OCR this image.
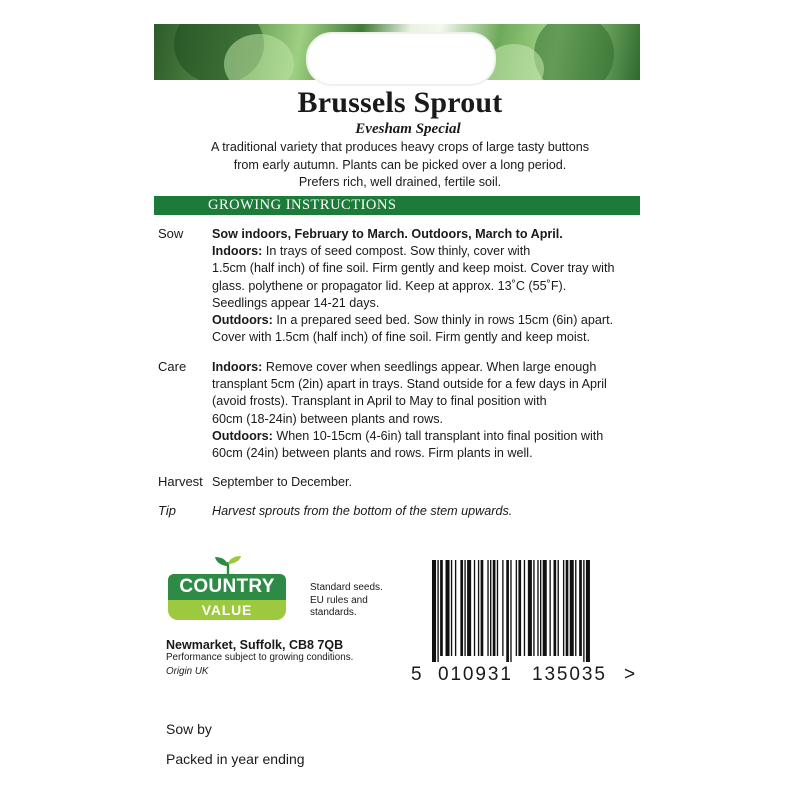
Brussels Sprout
Evesham Special
A traditional variety that produces heavy crops of large tasty buttons
from early autumn. Plants can be picked over a long period.
Prefers rich, well drained, fertile soil.
GROWING INSTRUCTIONS
Sow Sow indoors, February to March. Outdoors, March to April.
Indoors: In trays of seed compost. Sow thinly, cover with
1.5cm (half inch) of fine soil. Firm gently and keep moist. Cover tray with
glass. polythene or propagator lid. Keep at approx. 13˚C (55˚F).
Seedlings appear 14-21 days.
Outdoors: In a prepared seed bed. Sow thinly in rows 15cm (6in) apart.
Cover with 1.5cm (half inch) of fine soil. Firm gently and keep moist.
Care Indoors: Remove cover when seedlings appear. When large enough
transplant 5cm (2in) apart in trays. Stand outside for a few days in April
(avoid frosts). Transplant in April to May to final position with
60cm (18-24in) between plants and rows.
Outdoors: When 10-15cm (4-6in) tall transplant into final position with
60cm (24in) between plants and rows. Firm plants in well.
Harvest September to December.
Tip	Harvest sprouts from the bottom of the stem upwards.
COUNTRY
VALUE
Standard seeds.
EU rules and
standards.
Newmarket, Suffolk, CB8 7QB
Performance subject to growing conditions.
Origin UK	5 010931 135035 >
Sow by
Packed in year ending
